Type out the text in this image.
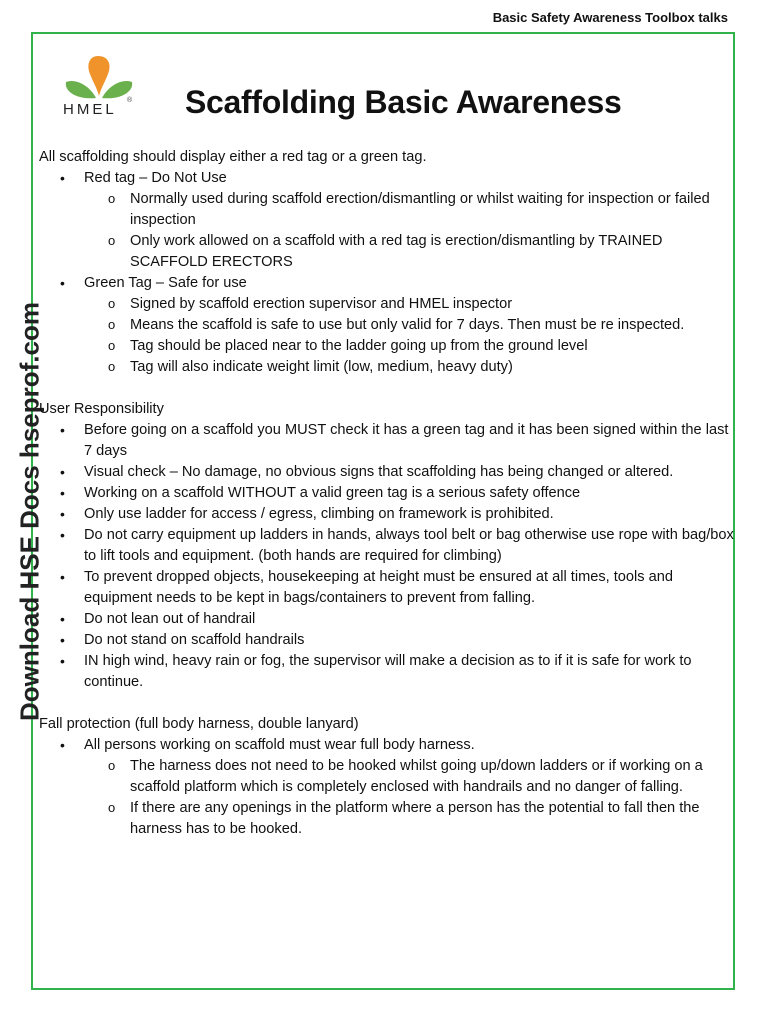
Basic Safety Awareness Toolbox talks
HMEL
® Scaffolding Basic Awareness
Download HSE Docs hseprof.com

All scaffolding should display either a red tag or a green tag.

• Red tag – Do Not Use
o Normally used during scaffold erection/dismantling or whilst waiting for inspection or failed inspection
o Only work allowed on a scaffold with a red tag is erection/dismantling by TRAINED SCAFFOLD ERECTORS
• Green Tag – Safe for use
o Signed by scaffold erection supervisor and HMEL inspector
o Means the scaffold is safe to use but only valid for 7 days. Then must be re inspected.
o Tag should be placed near to the ladder going up from the ground level
o Tag will also indicate weight limit (low, medium, heavy duty)

User Responsibility

• Before going on a scaffold you MUST check it has a green tag and it has been signed within the last 7 days
• Visual check – No damage, no obvious signs that scaffolding has being changed or altered.
• Working on a scaffold WITHOUT a valid green tag is a serious safety offence
• Only use ladder for access / egress, climbing on framework is prohibited.
• Do not carry equipment up ladders in hands, always tool belt or bag otherwise use rope with bag/box to lift tools and equipment. (both hands are required for climbing)
• To prevent dropped objects, housekeeping at height must be ensured at all times, tools and equipment needs to be kept in bags/containers to prevent from falling.
• Do not lean out of handrail
• Do not stand on scaffold handrails
• IN high wind, heavy rain or fog, the supervisor will make a decision as to if it is safe for work to continue.

Fall protection (full body harness, double lanyard)

• All persons working on scaffold must wear full body harness.
o The harness does not need to be hooked whilst going up/down ladders or if working on a scaffold platform which is completely enclosed with handrails and no danger of falling.
o If there are any openings in the platform where a person has the potential to fall then the harness has to be hooked.
